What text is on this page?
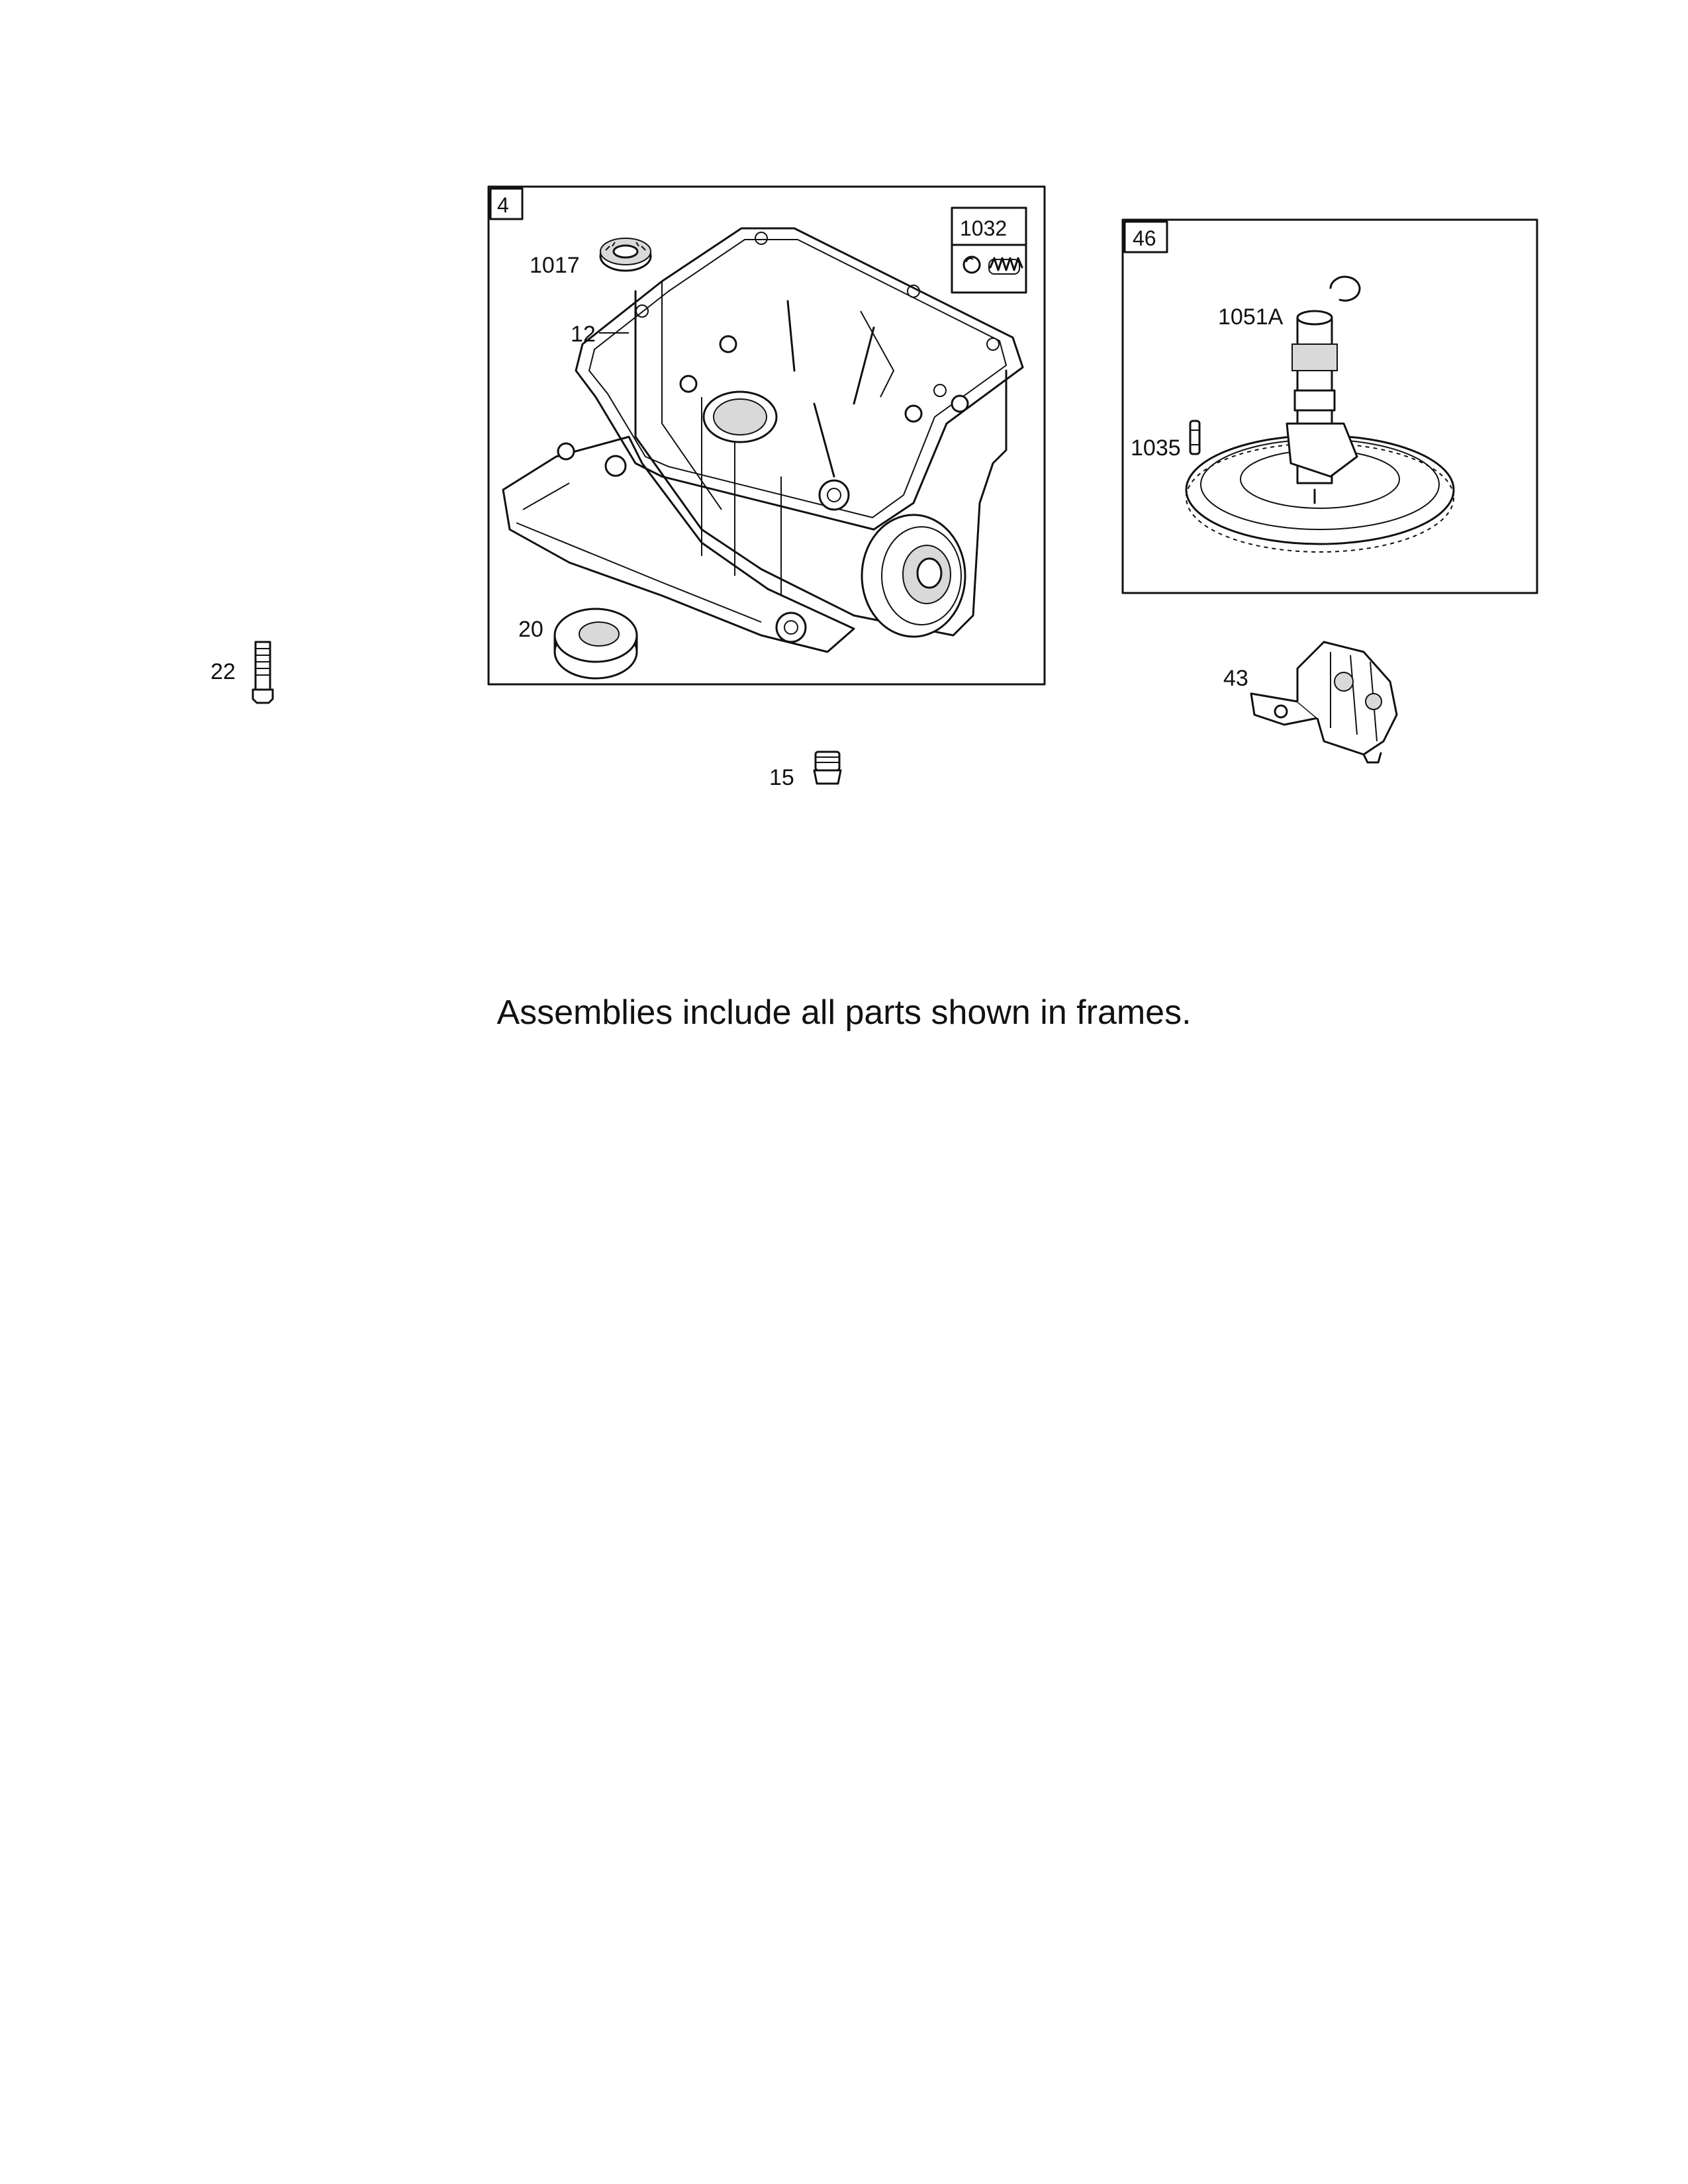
4
1032
1017
12
20
46
1051A
1035
22
15
43
Assemblies include all parts shown in frames.
